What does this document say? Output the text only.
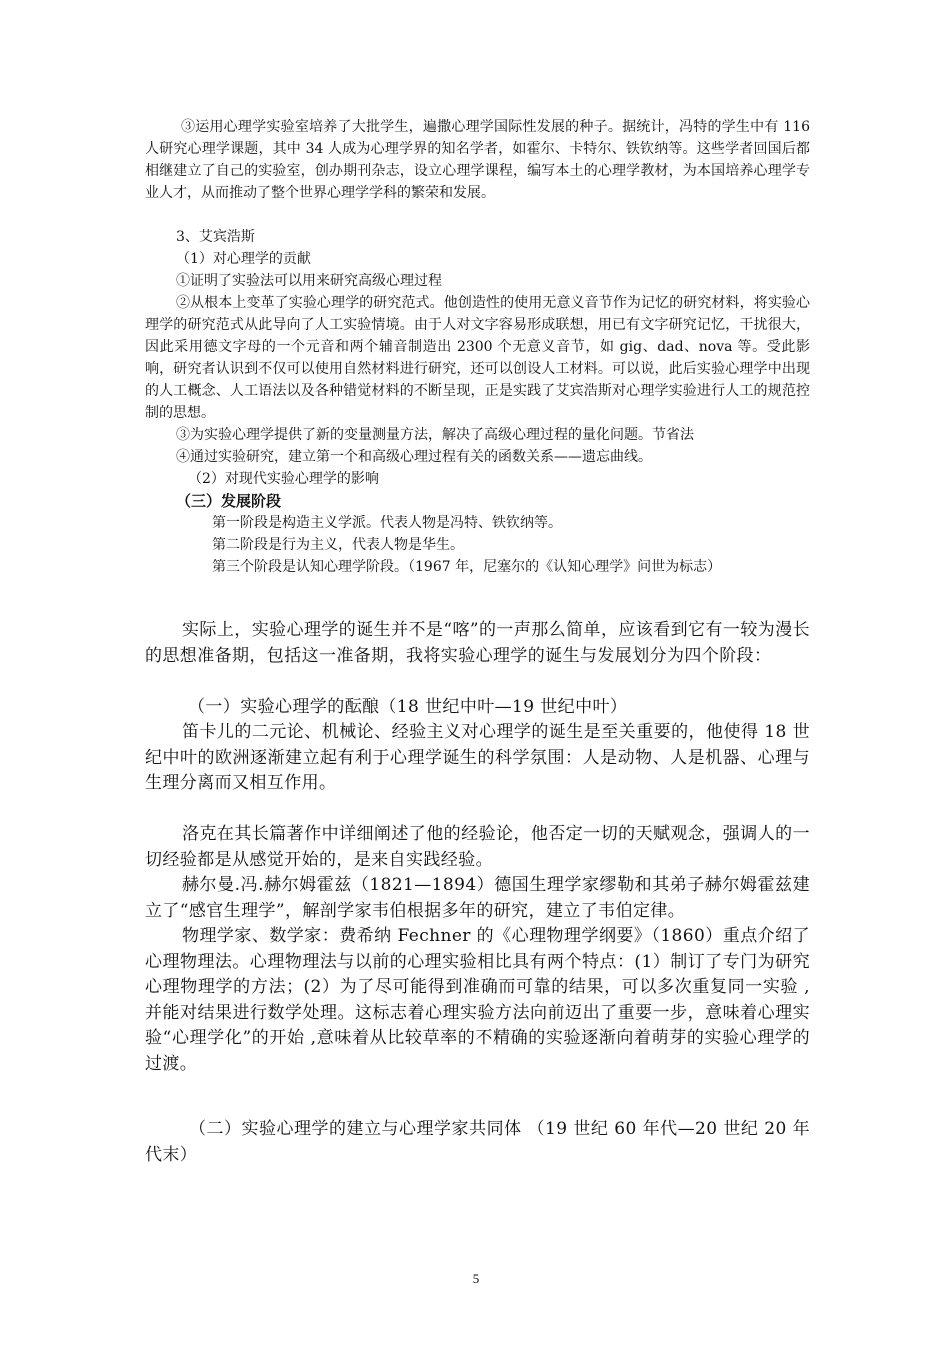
③运用心理学实验室培养了大批学生，遍撒心理学国际性发展的种子。据统计，冯特的学生中有 116 人研究心理学课题，其中 34 人成为心理学界的知名学者，如霍尔、卡特尔、铁钦纳等。这些学者回国后都相继建立了自己的实验室，创办期刊杂志，设立心理学课程，编写本土的心理学教材，为本国培养心理学专业人才，从而推动了整个世界心理学学科的繁荣和发展。
3、艾宾浩斯
（1）对心理学的贡献
①证明了实验法可以用来研究高级心理过程
②从根本上变革了实验心理学的研究范式。他创造性的使用无意义音节作为记忆的研究材料，将实验心理学的研究范式从此导向了人工实验情境。由于人对文字容易形成联想，用已有文字研究记忆，干扰很大，因此采用德文字母的一个元音和两个辅音制造出 2300 个无意义音节，如 gig、dad、nova 等。受此影响，研究者认识到不仅可以使用自然材料进行研究，还可以创设人工材料。可以说，此后实验心理学中出现的人工概念、人工语法以及各种错觉材料的不断呈现，正是实践了艾宾浩斯对心理学实验进行人工的规范控制的思想。
③为实验心理学提供了新的变量测量方法，解决了高级心理过程的量化问题。节省法
④通过实验研究，建立第一个和高级心理过程有关的函数关系——遗忘曲线。
（2）对现代实验心理学的影响
（三）发展阶段
第一阶段是构造主义学派。代表人物是冯特、铁钦纳等。
第二阶段是行为主义，代表人物是华生。
第三个阶段是认知心理学阶段。（1967 年，尼塞尔的《认知心理学》问世为标志）
实际上，实验心理学的诞生并不是“喀”的一声那么简单，应该看到它有一较为漫长的思想准备期，包括这一准备期，我将实验心理学的诞生与发展划分为四个阶段：
（一）实验心理学的酝酿（18 世纪中叶—19 世纪中叶）
笛卡儿的二元论、机械论、经验主义对心理学的诞生是至关重要的，他使得 18 世纪中叶的欧洲逐渐建立起有利于心理学诞生的科学氛围：人是动物、人是机器、心理与生理分离而又相互作用。
洛克在其长篇著作中详细阐述了他的经验论，他否定一切的天赋观念，强调人的一切经验都是从感觉开始的，是来自实践经验。
赫尔曼.冯.赫尔姆霍兹（1821—1894）德国生理学家缪勒和其弟子赫尔姆霍兹建立了“感官生理学”，解剖学家韦伯根据多年的研究，建立了韦伯定律。
物理学家、数学家：费希纳 Fechner 的《心理物理学纲要》（1860）重点介绍了心理物理法。心理物理法与以前的心理实验相比具有两个特点：(1）制订了专门为研究心理物理学的方法；(2）为了尽可能得到准确而可靠的结果，可以多次重复同一实验 ,并能对结果进行数学处理。这标志着心理实验方法向前迈出了重要一步，意味着心理实验“心理学化”的开始 ,意味着从比较草率的不精确的实验逐渐向着萌芽的实验心理学的过渡。
（二）实验心理学的建立与心理学家共同体 （19 世纪 60 年代—20 世纪 20 年代末）
5
